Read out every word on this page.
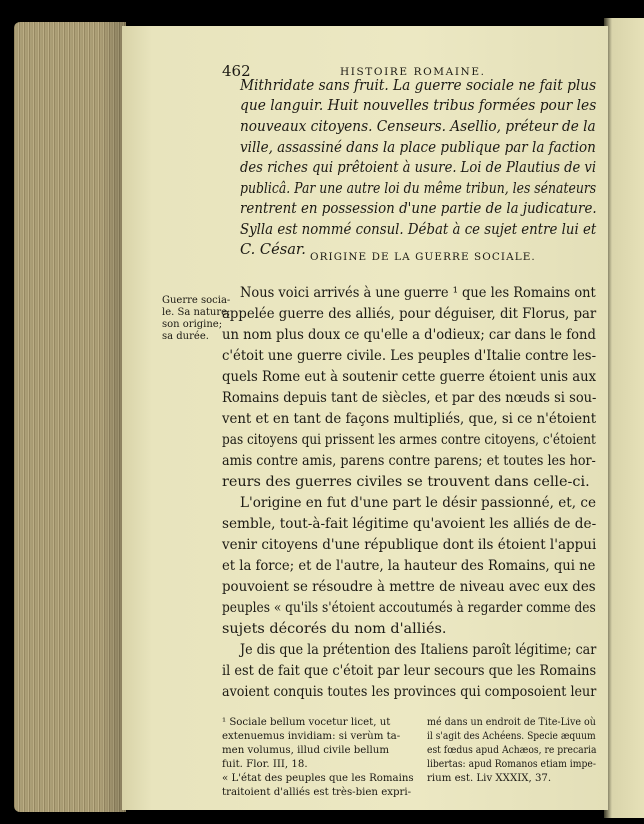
462	HISTOIRE ROMAINE.
Mithridate sans fruit. La guerre sociale ne fait plus
que languir. Huit nouvelles tribus formées pour les
nouveaux citoyens. Censeurs. Asellio, préteur de la
ville, assassiné dans la place publique par la faction
des riches qui prêtoient à usure. Loi de Plautius de vi
publicâ. Par une autre loi du même tribun, les sénateurs
rentrent en possession d'une partie de la judicature.
Sylla est nommé consul. Débat à ce sujet entre lui et
C. César. ORIGINE DE LA GUERRE SOCIALE.
Guerre socia-
le. Sa nature;
son origine;
sa durée.
Nous voici arrivés à une guerre ¹ que les Romains ont
appelée guerre des alliés, pour déguiser, dit Florus, par
un nom plus doux ce qu'elle a d'odieux; car dans le fond
c'étoit une guerre civile. Les peuples d'Italie contre les-
quels Rome eut à soutenir cette guerre étoient unis aux
Romains depuis tant de siècles, et par des nœuds si sou-
vent et en tant de façons multipliés, que, si ce n'étoient
pas citoyens qui prissent les armes contre citoyens, c'étoient
amis contre amis, parens contre parens; et toutes les hor-
reurs des guerres civiles se trouvent dans celle-ci.
L'origine en fut d'une part le désir passionné, et, ce
semble, tout-à-fait légitime qu'avoient les alliés de de-
venir citoyens d'une république dont ils étoient l'appui
et la force; et de l'autre, la hauteur des Romains, qui ne
pouvoient se résoudre à mettre de niveau avec eux des
peuples « qu'ils s'étoient accoutumés à regarder comme des
sujets décorés du nom d'alliés.
Je dis que la prétention des Italiens paroît légitime; car
il est de fait que c'étoit par leur secours que les Romains
avoient conquis toutes les provinces qui composoient leur
¹ Sociale bellum vocetur licet, ut
extenuemus invidiam: si verùm ta-
men volumus, illud civile bellum
fuit. Flor. III, 18.
« L'état des peuples que les Romains
traitoient d'alliés est très-bien expri-
mé dans un endroit de Tite-Live où
il s'agit des Achéens. Specie æquum
est fœdus apud Achæos, re precaria
libertas: apud Romanos etiam impe-
rium est. Liv XXXIX, 37.
